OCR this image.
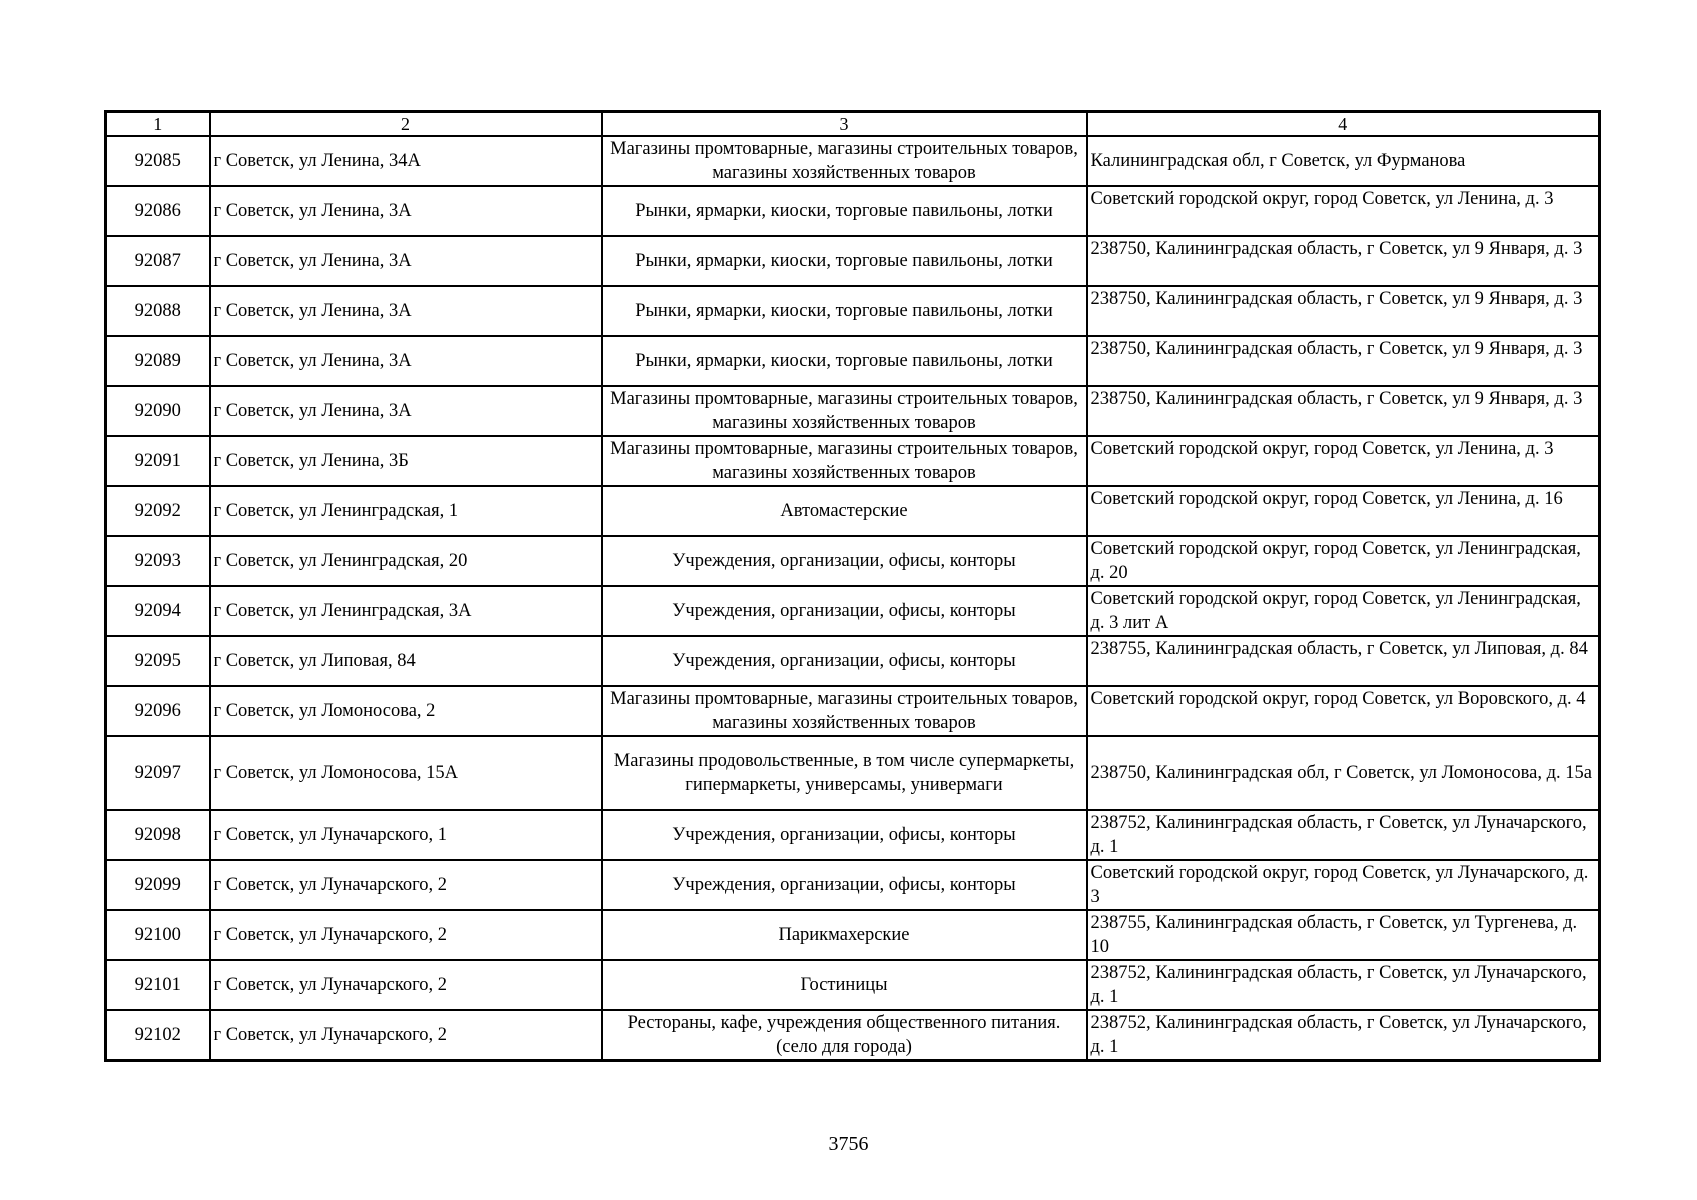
1	2	3	4
92085	г Советск, ул Ленина, 34А	Магазины промтоварные, магазины строительных товаров, магазины хозяйственных товаров	Калининградская обл, г Советск, ул Фурманова
92086	г Советск, ул Ленина, 3А	Рынки, ярмарки, киоски, торговые павильоны, лотки	Советский городской округ, город Советск, ул Ленина, д. 3
92087	г Советск, ул Ленина, 3А	Рынки, ярмарки, киоски, торговые павильоны, лотки	238750, Калининградская область, г Советск, ул 9 Января, д. 3
92088	г Советск, ул Ленина, 3А	Рынки, ярмарки, киоски, торговые павильоны, лотки	238750, Калининградская область, г Советск, ул 9 Января, д. 3
92089	г Советск, ул Ленина, 3А	Рынки, ярмарки, киоски, торговые павильоны, лотки	238750, Калининградская область, г Советск, ул 9 Января, д. 3
92090	г Советск, ул Ленина, 3А	Магазины промтоварные, магазины строительных товаров, магазины хозяйственных товаров	238750, Калининградская область, г Советск, ул 9 Января, д. 3
92091	г Советск, ул Ленина, 3Б	Магазины промтоварные, магазины строительных товаров, магазины хозяйственных товаров	Советский городской округ, город Советск, ул Ленина, д. 3
92092	г Советск, ул Ленинградская, 1	Автомастерские	Советский городской округ, город Советск, ул Ленина, д. 16
92093	г Советск, ул Ленинградская, 20	Учреждения, организации, офисы, конторы	Советский городской округ, город Советск, ул Ленинградская, д. 20
92094	г Советск, ул Ленинградская, 3А	Учреждения, организации, офисы, конторы	Советский городской округ, город Советск, ул Ленинградская, д. 3 лит А
92095	г Советск, ул Липовая, 84	Учреждения, организации, офисы, конторы	238755, Калининградская область, г Советск, ул Липовая, д. 84
92096	г Советск, ул Ломоносова, 2	Магазины промтоварные, магазины строительных товаров, магазины хозяйственных товаров	Советский городской округ, город Советск, ул Воровского, д. 4
92097	г Советск, ул Ломоносова, 15А	Магазины продовольственные, в том числе супермаркеты, гипермаркеты, универсамы, универмаги	238750, Калининградская обл, г Советск, ул Ломоносова, д. 15а
92098	г Советск, ул Луначарского, 1	Учреждения, организации, офисы, конторы	238752, Калининградская область, г Советск, ул Луначарского, д. 1
92099	г Советск, ул Луначарского, 2	Учреждения, организации, офисы, конторы	Советский городской округ, город Советск, ул Луначарского, д. 3
92100	г Советск, ул Луначарского, 2	Парикмахерские	238755, Калининградская область, г Советск, ул Тургенева, д. 10
92101	г Советск, ул Луначарского, 2	Гостиницы	238752, Калининградская область, г Советск, ул Луначарского, д. 1
92102	г Советск, ул Луначарского, 2	Рестораны, кафе, учреждения общественного питания. (село для города)	238752, Калининградская область, г Советск, ул Луначарского, д. 1
3756
